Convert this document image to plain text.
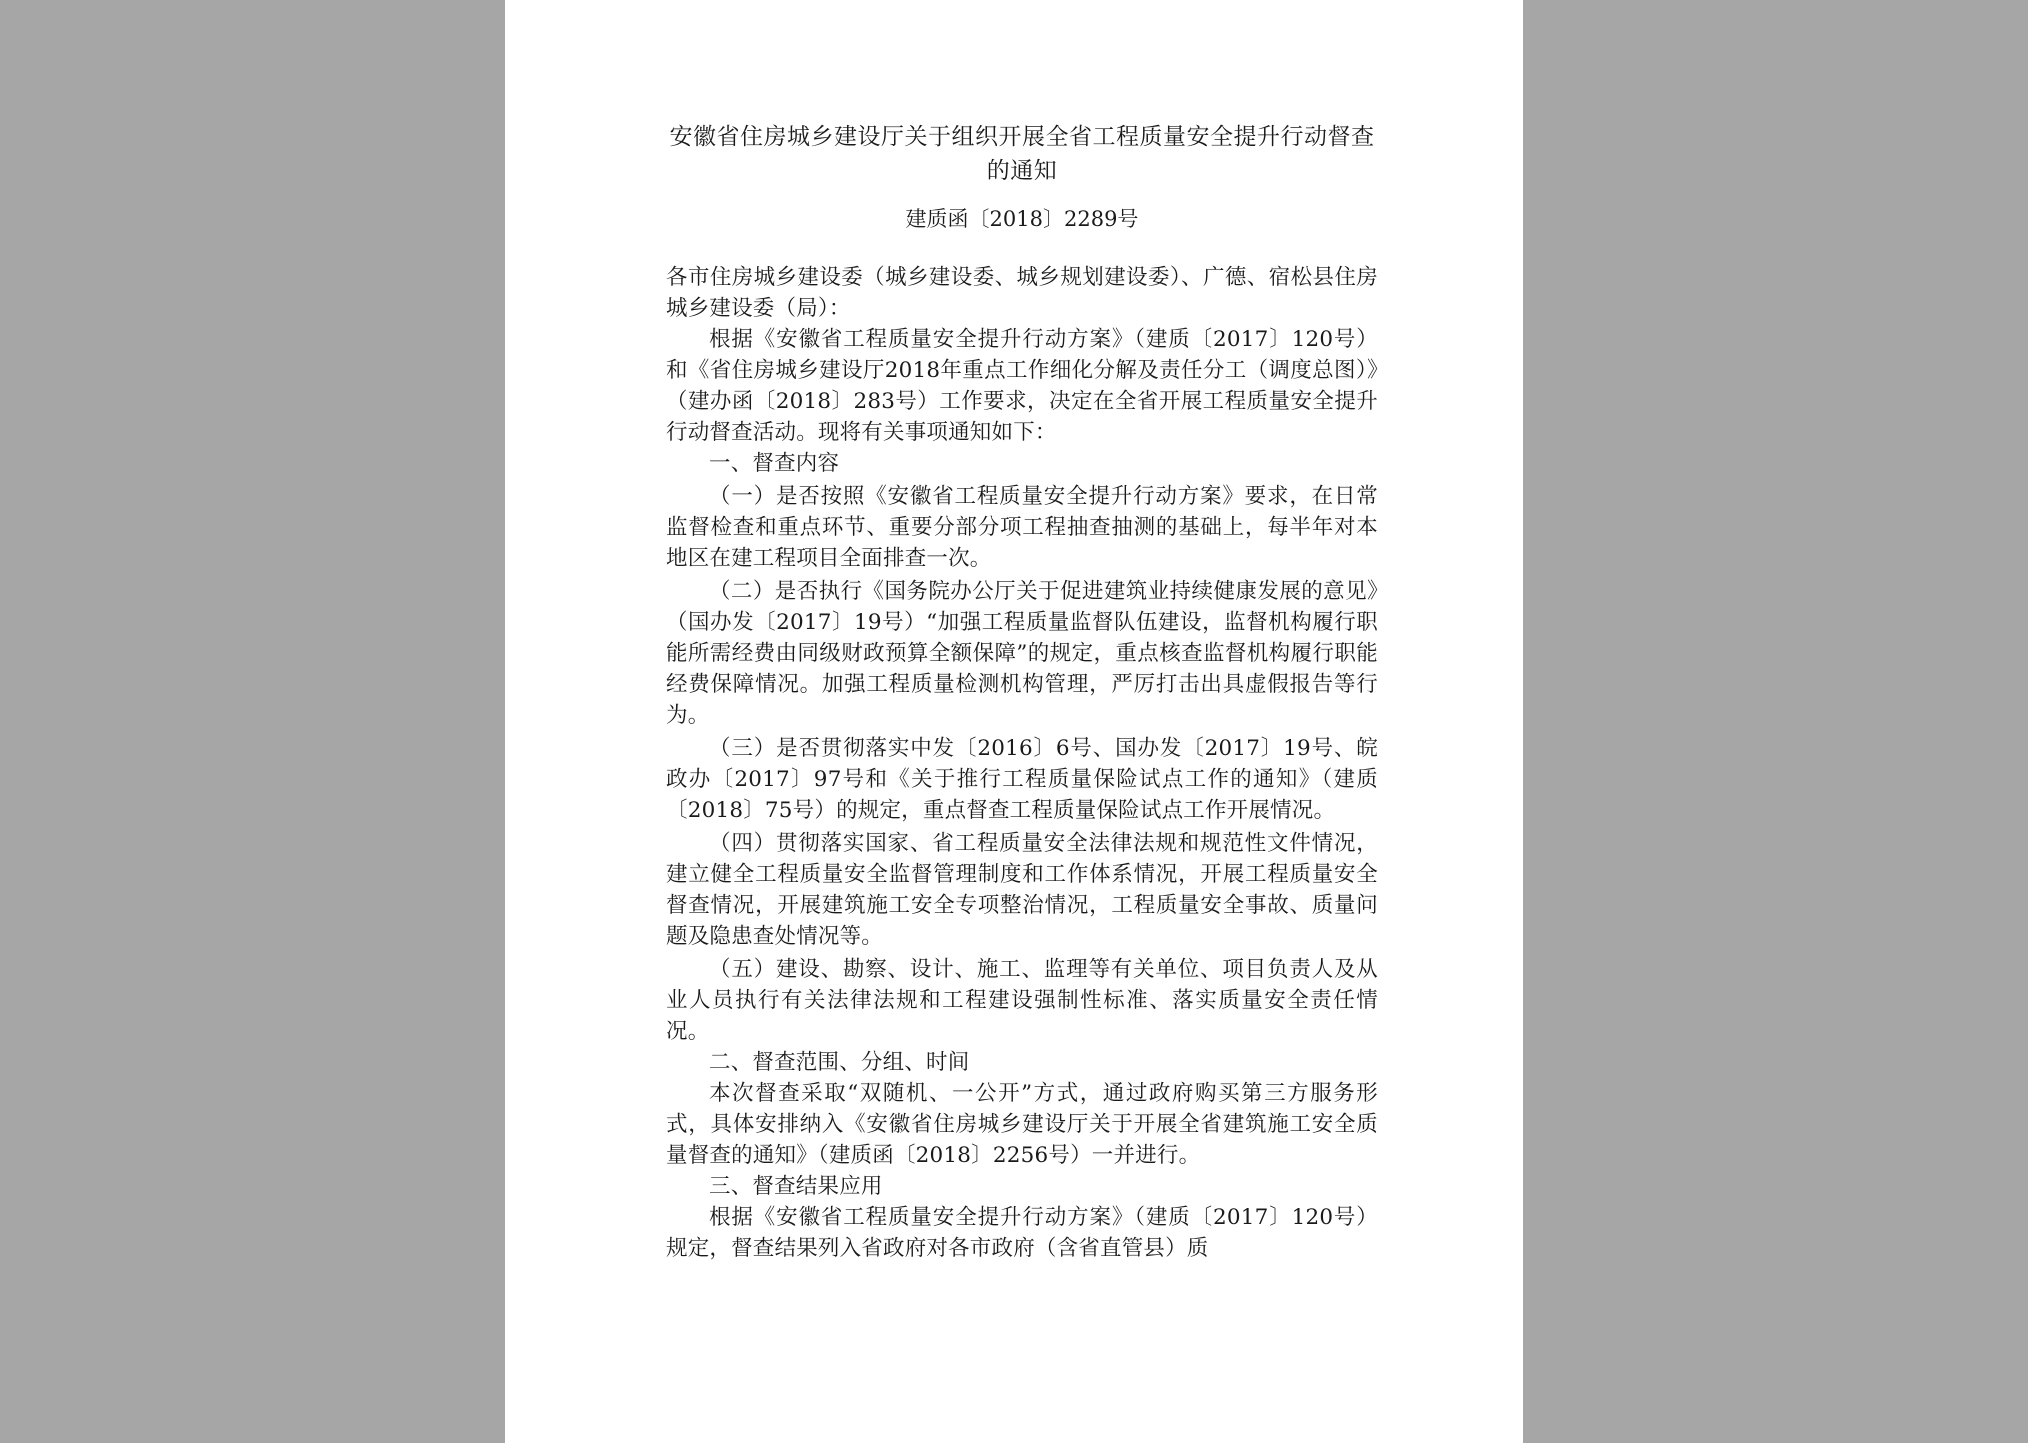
安徽省住房城乡建设厅关于组织开展全省工程质量安全提升行动督查的通知
建质函〔2018〕2289号

各市住房城乡建设委（城乡建设委、城乡规划建设委）、广德、宿松县住房城乡建设委（局）：

根据《安徽省工程质量安全提升行动方案》（建质〔2017〕120号）和《省住房城乡建设厅2018年重点工作细化分解及责任分工（调度总图）》（建办函〔2018〕283号）工作要求，决定在全省开展工程质量安全提升行动督查活动。现将有关事项通知如下：

一、督查内容

（一）是否按照《安徽省工程质量安全提升行动方案》要求，在日常监督检查和重点环节、重要分部分项工程抽查抽测的基础上，每半年对本地区在建工程项目全面排查一次。

（二）是否执行《国务院办公厅关于促进建筑业持续健康发展的意见》（国办发〔2017〕19号）“加强工程质量监督队伍建设，监督机构履行职能所需经费由同级财政预算全额保障”的规定，重点核查监督机构履行职能经费保障情况。加强工程质量检测机构管理，严厉打击出具虚假报告等行为。

（三）是否贯彻落实中发〔2016〕6号、国办发〔2017〕19号、皖政办〔2017〕97号和《关于推行工程质量保险试点工作的通知》（建质〔2018〕75号）的规定，重点督查工程质量保险试点工作开展情况。

（四）贯彻落实国家、省工程质量安全法律法规和规范性文件情况，建立健全工程质量安全监督管理制度和工作体系情况，开展工程质量安全督查情况，开展建筑施工安全专项整治情况，工程质量安全事故、质量问题及隐患查处情况等。

（五）建设、勘察、设计、施工、监理等有关单位、项目负责人及从业人员执行有关法律法规和工程建设强制性标准、落实质量安全责任情况。

二、督查范围、分组、时间

本次督查采取“双随机、一公开”方式，通过政府购买第三方服务形式，具体安排纳入《安徽省住房城乡建设厅关于开展全省建筑施工安全质量督查的通知》（建质函〔2018〕2256号）一并进行。

三、督查结果应用

根据《安徽省工程质量安全提升行动方案》（建质〔2017〕120号）规定，督查结果列入省政府对各市政府（含省直管县）质
